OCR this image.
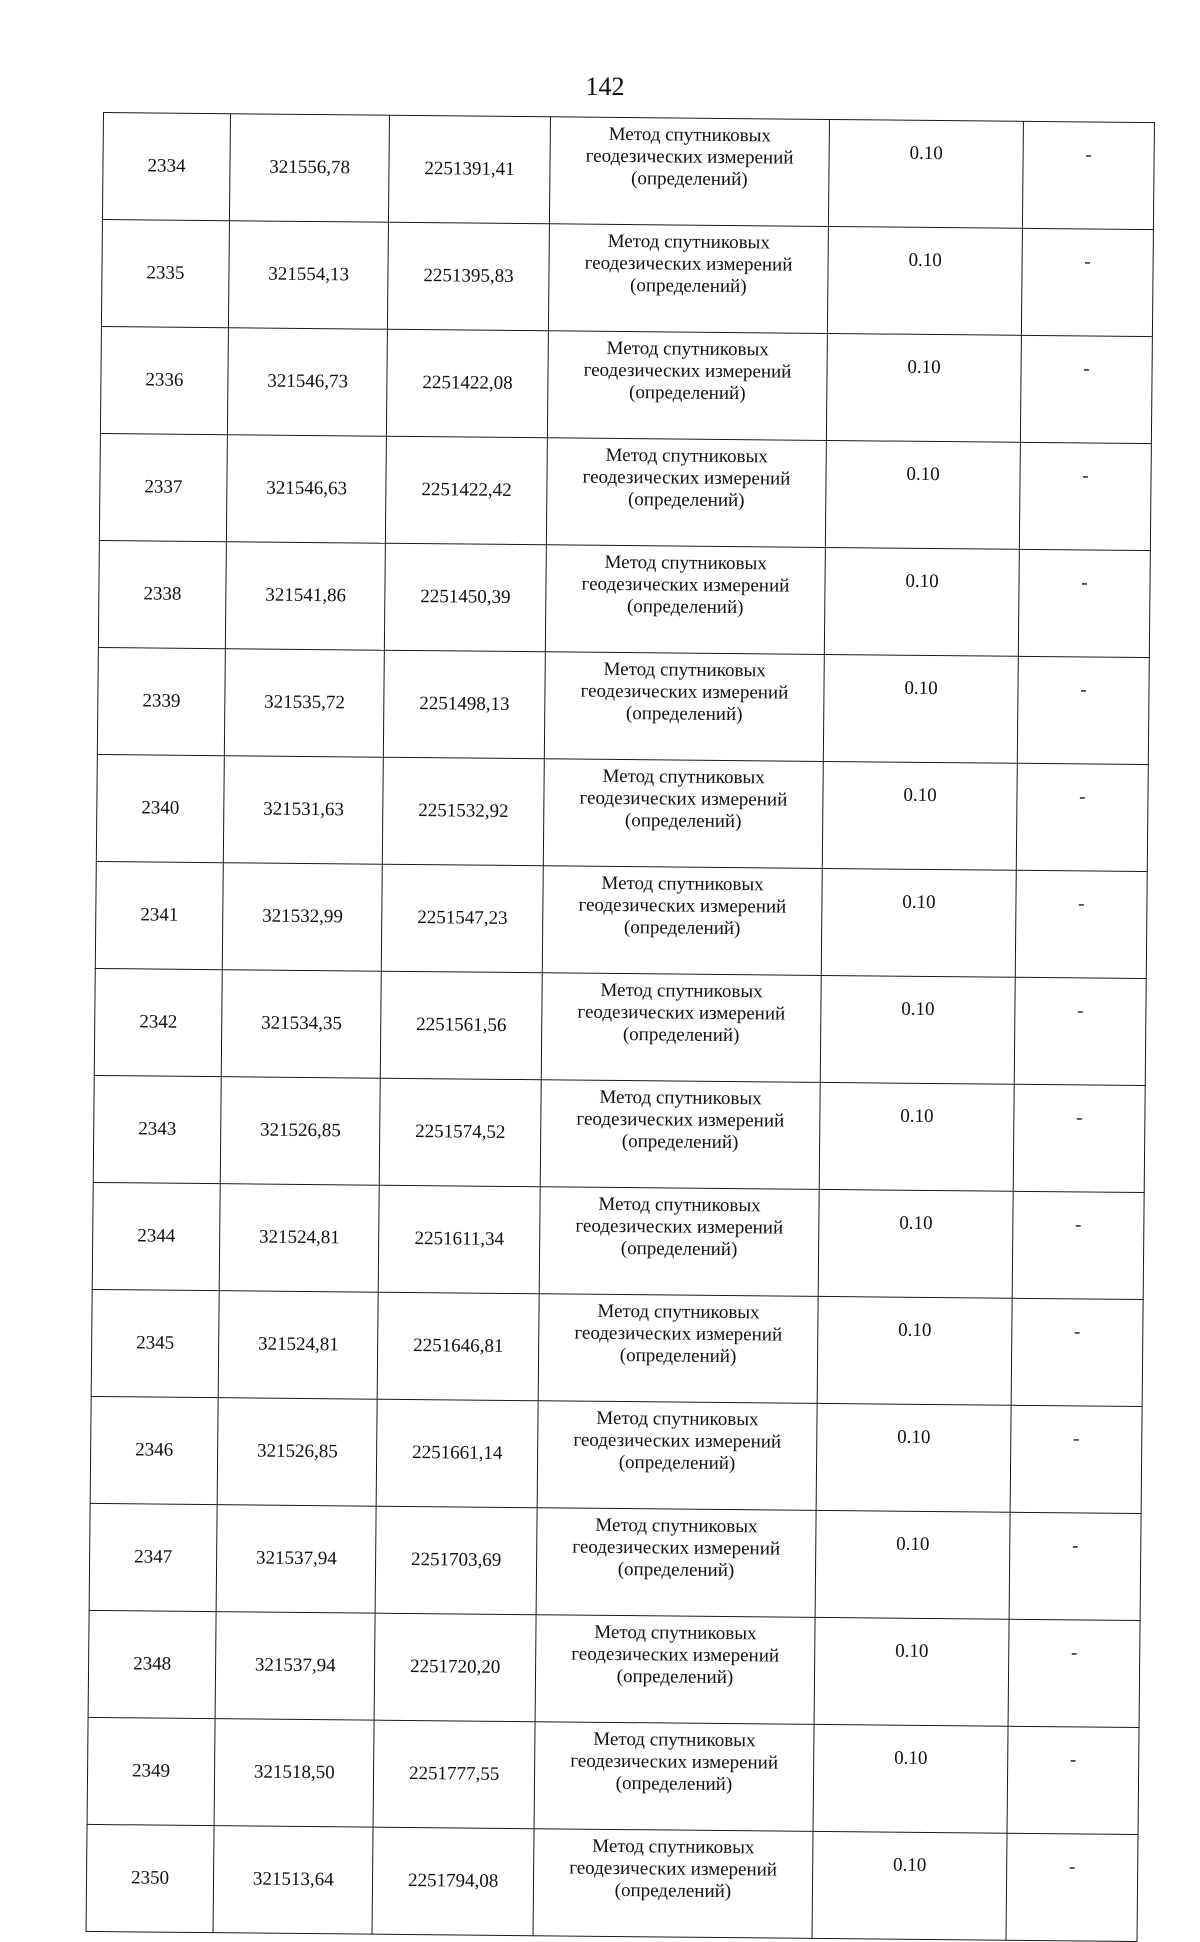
142
2334	321556,78	2251391,41	Метод спутниковых
геодезических измерений
(определений)	0.10	-
2335	321554,13	2251395,83	Метод спутниковых
геодезических измерений
(определений)	0.10	-
2336	321546,73	2251422,08	Метод спутниковых
геодезических измерений
(определений)	0.10	-
2337	321546,63	2251422,42	Метод спутниковых
геодезических измерений
(определений)	0.10	-
2338	321541,86	2251450,39	Метод спутниковых
геодезических измерений
(определений)	0.10	-
2339	321535,72	2251498,13	Метод спутниковых
геодезических измерений
(определений)	0.10	-
2340	321531,63	2251532,92	Метод спутниковых
геодезических измерений
(определений)	0.10	-
2341	321532,99	2251547,23	Метод спутниковых
геодезических измерений
(определений)	0.10	-
2342	321534,35	2251561,56	Метод спутниковых
геодезических измерений
(определений)	0.10	-
2343	321526,85	2251574,52	Метод спутниковых
геодезических измерений
(определений)	0.10	-
2344	321524,81	2251611,34	Метод спутниковых
геодезических измерений
(определений)	0.10	-
2345	321524,81	2251646,81	Метод спутниковых
геодезических измерений
(определений)	0.10	-
2346	321526,85	2251661,14	Метод спутниковых
геодезических измерений
(определений)	0.10	-
2347	321537,94	2251703,69	Метод спутниковых
геодезических измерений
(определений)	0.10	-
2348	321537,94	2251720,20	Метод спутниковых
геодезических измерений
(определений)	0.10	-
2349	321518,50	2251777,55	Метод спутниковых
геодезических измерений
(определений)	0.10	-
2350	321513,64	2251794,08	Метод спутниковых
геодезических измерений
(определений)	0.10	-
